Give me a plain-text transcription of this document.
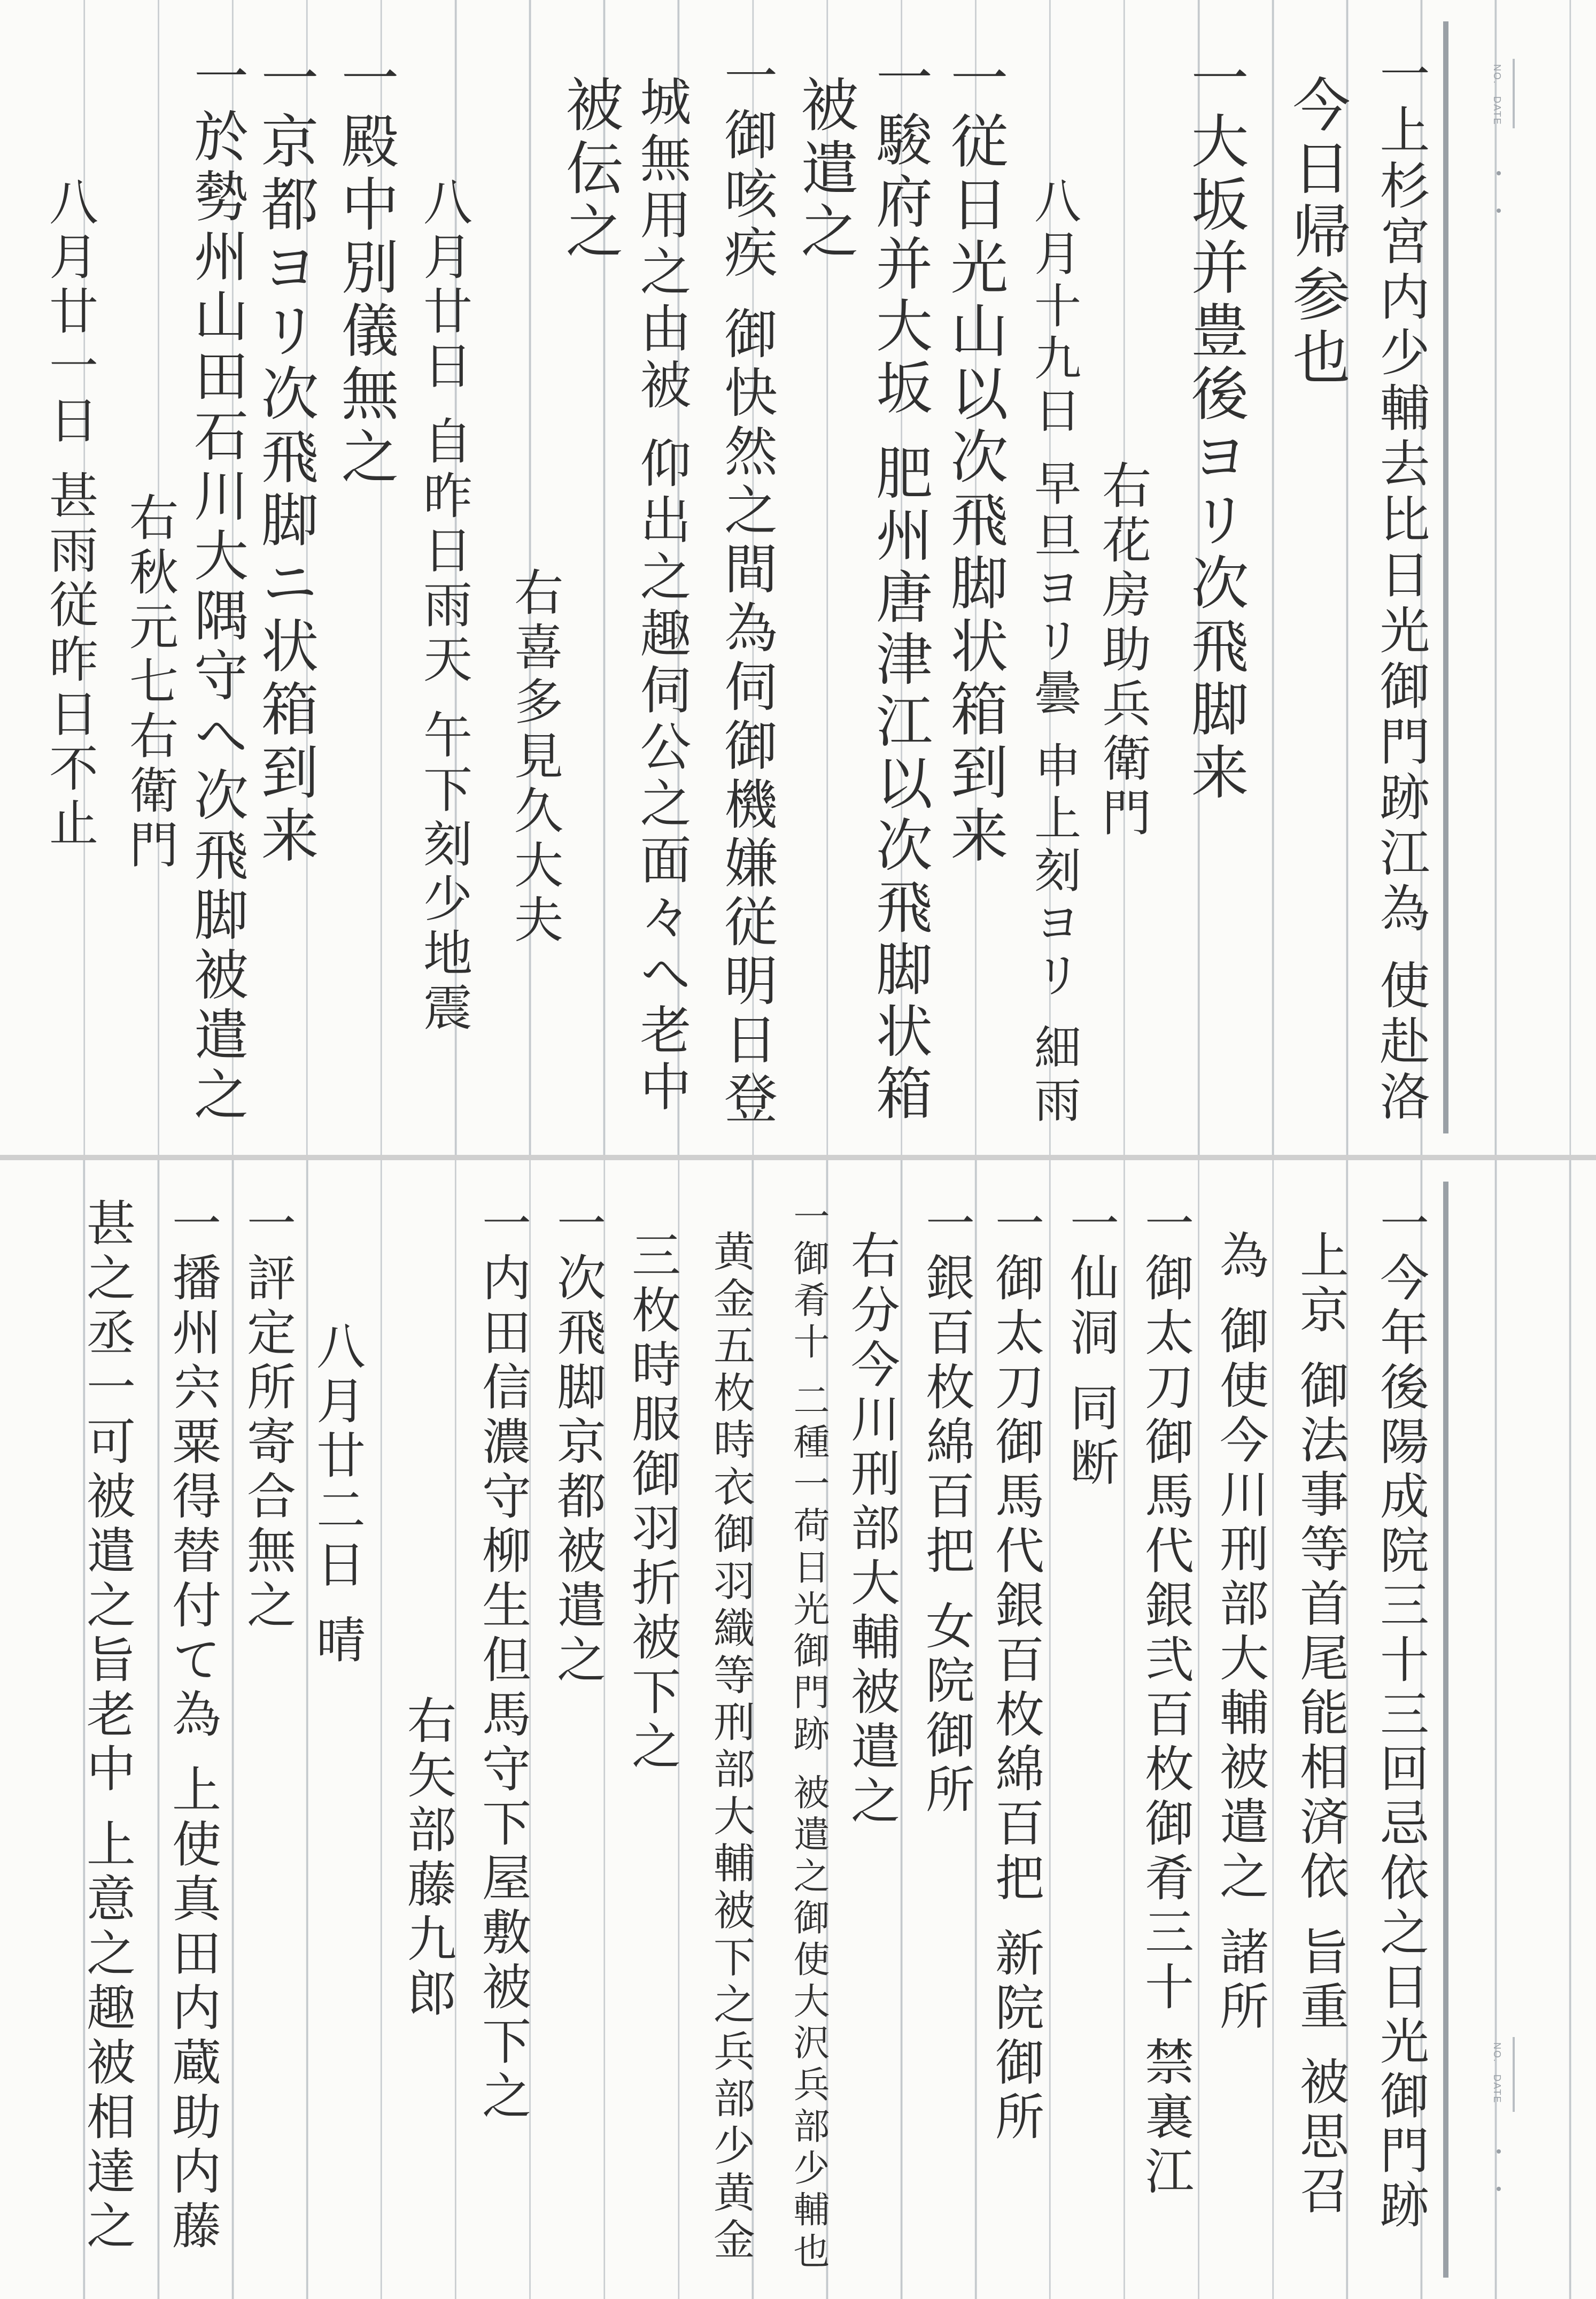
NO.
DATE
一上杉宮内少輔去比日光御門跡江為 使赴洛
今日帰参也
一大坂并豊後ヨリ次飛脚来
右花房助兵衛門
八月十九日 早旦ヨリ曇 申上刻ヨリ 細雨
一従日光山以次飛脚状箱到来
一駿府并大坂 肥州唐津江以次飛脚状箱
被遣之
一御咳疾 御快然之間為伺御機嫌従明日登
城無用之由被 仰出之趣伺公之面々へ老中
被伝之
右喜多見久大夫
八月廿日 自昨日雨天 午下刻少地震
一殿中別儀無之
一京都ヨリ次飛脚ニ状箱到来
一於勢州山田石川大隅守へ次飛脚被遣之
右秋元七右衛門
八月廿一日 甚雨従昨日不止
NO.
DATE
一今年後陽成院三十三回忌依之日光御門跡
上京 御法事等首尾能相済依 旨重 被思召
為 御使今川刑部大輔被遣之 諸所
一御太刀御馬代銀弐百枚御肴三十 禁裏江
一仙洞 同断
一御太刀御馬代銀百枚綿百把 新院御所
一銀百枚綿百把 女院御所
右分今川刑部大輔被遣之
一御肴十 二種一荷日光御門跡 被遣之御使大沢兵部少輔也
黄金五枚時衣御羽織等刑部大輔被下之兵部少黄金
三枚時服御羽折被下之
一次飛脚京都被遣之
一内田信濃守柳生但馬守下屋敷被下之
右矢部藤九郎
八月廿二日 晴
一評定所寄合無之
一播州宍粟得替付て為 上使真田内蔵助内藤
甚之丞一可被遣之旨老中 上意之趣被相達之
